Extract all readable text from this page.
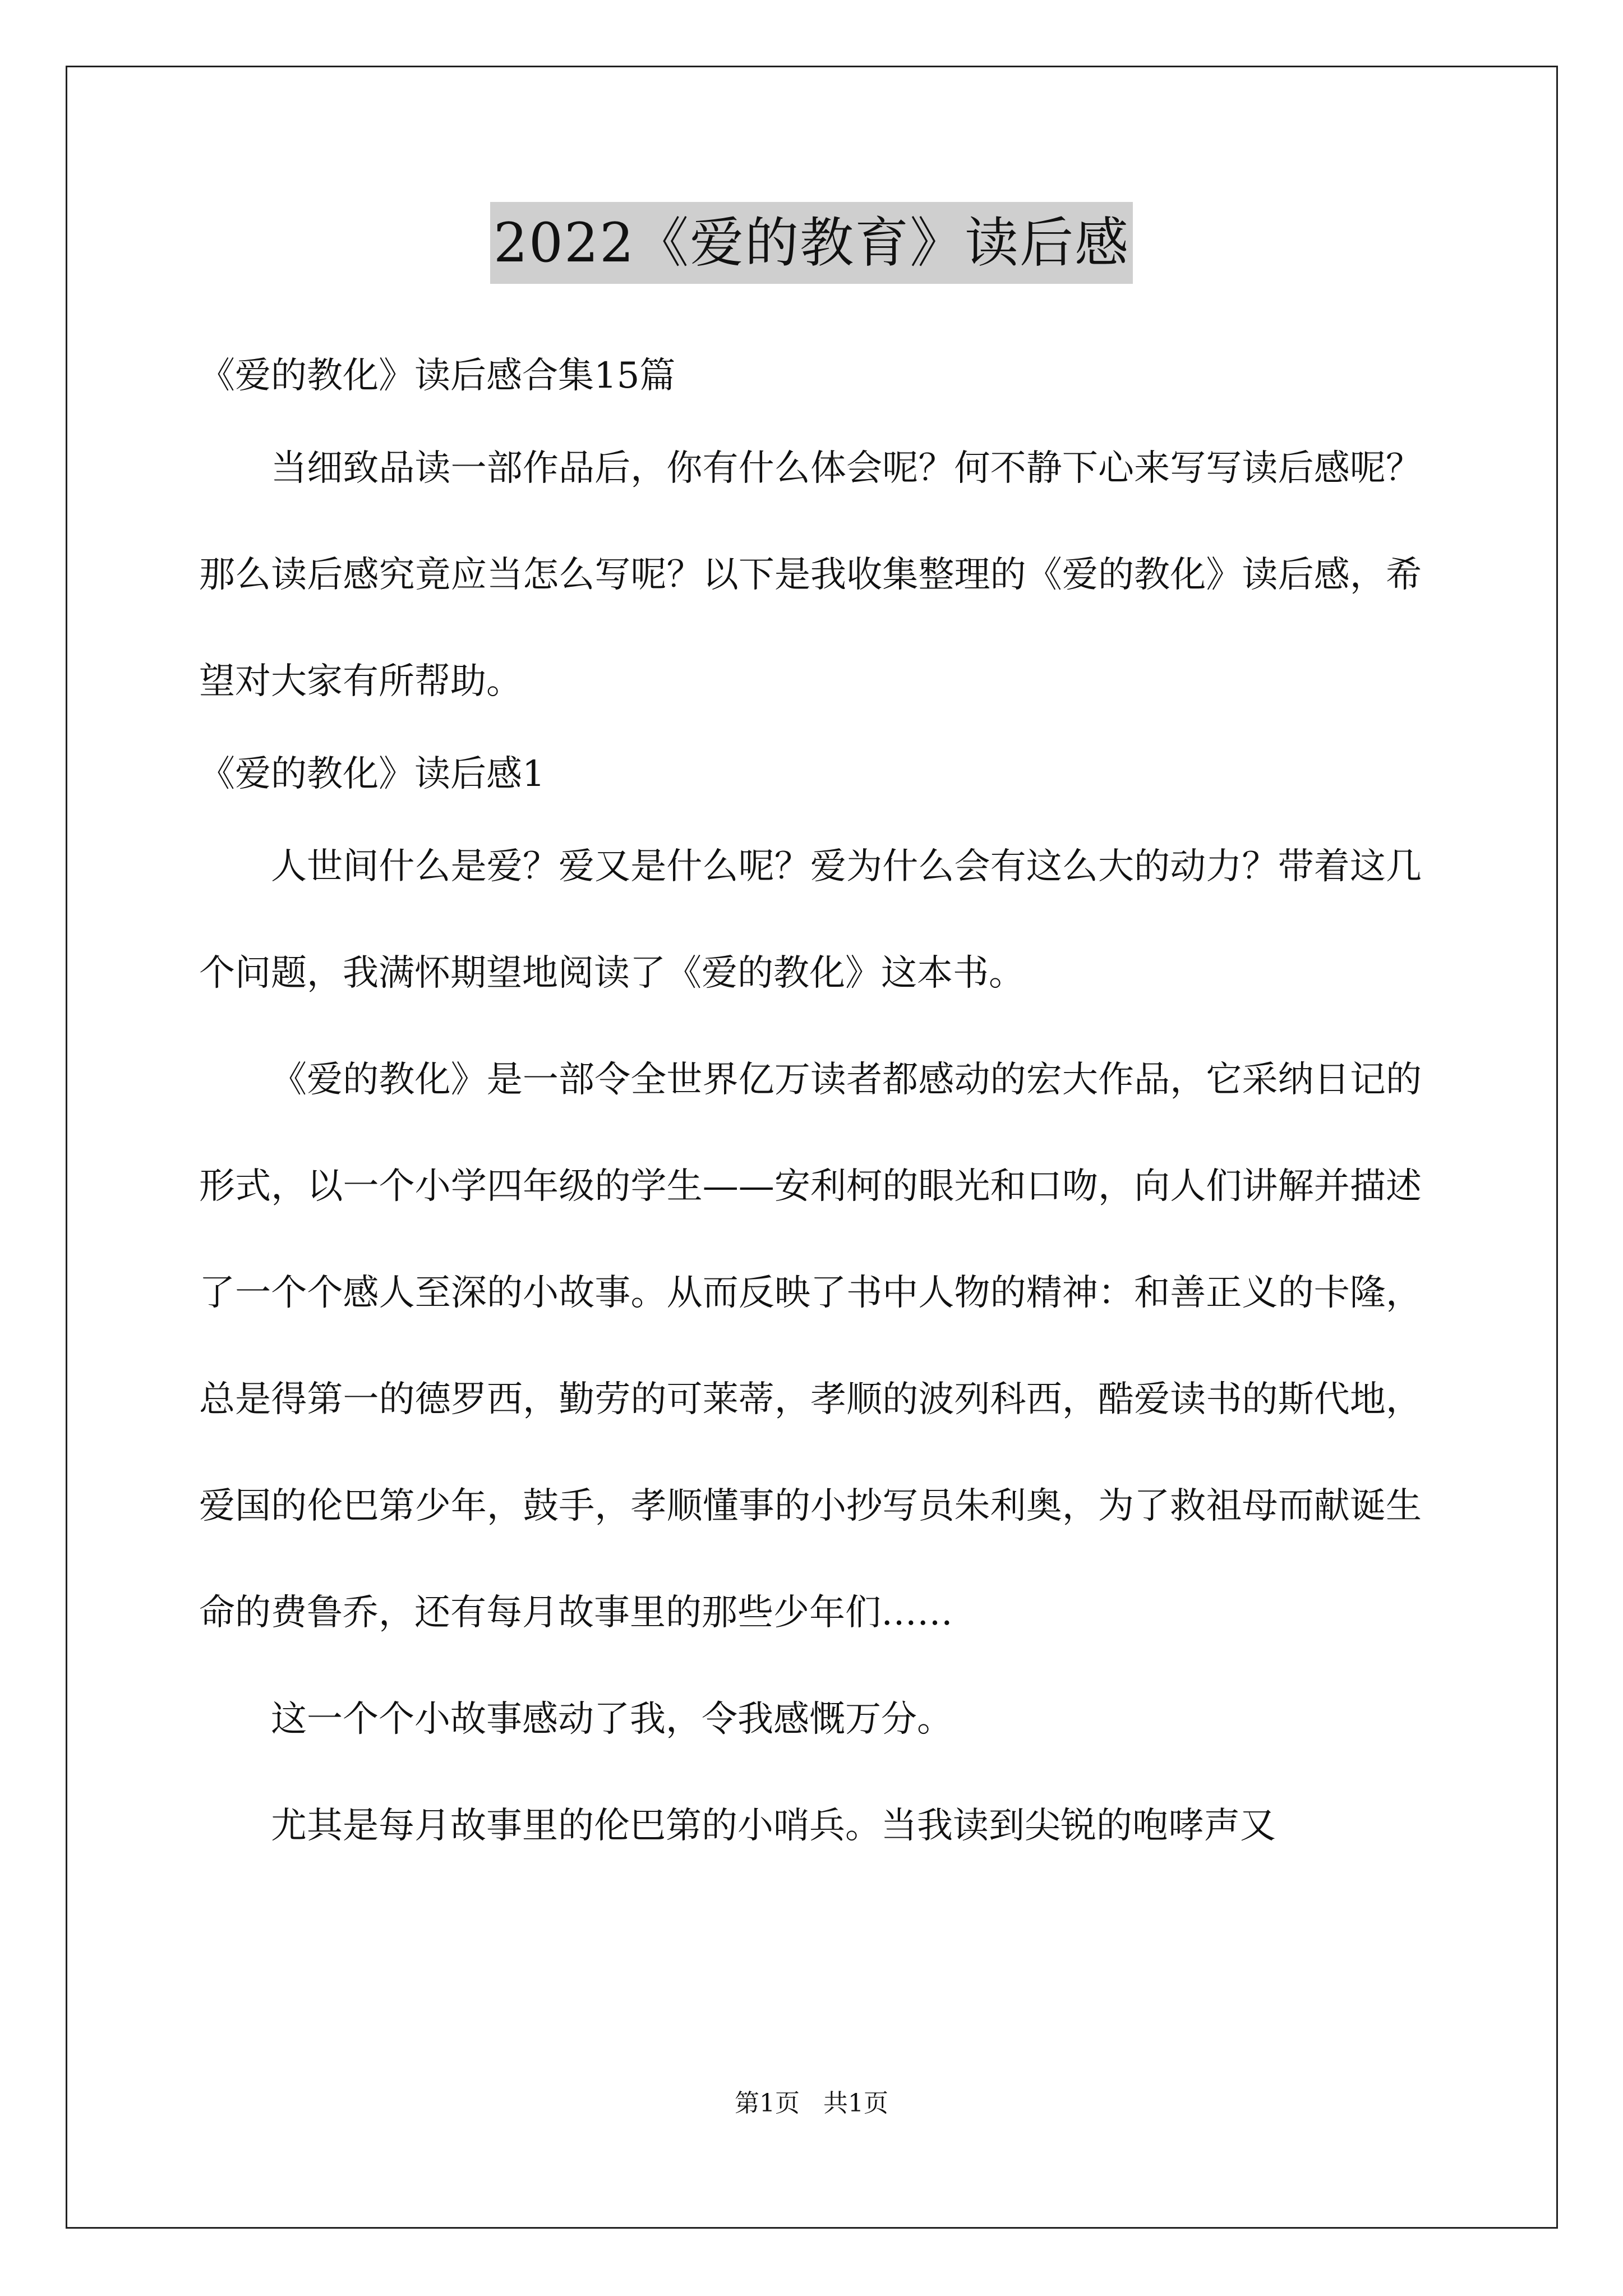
2022《爱的教育》读后感

《爱的教化》读后感合集15篇

当细致品读一部作品后，你有什么体会呢？何不静下心来写写读后感呢？那么读后感究竟应当怎么写呢？以下是我收集整理的《爱的教化》读后感，希望对大家有所帮助。

《爱的教化》读后感1

人世间什么是爱？爱又是什么呢？爱为什么会有这么大的动力？带着这几个问题，我满怀期望地阅读了《爱的教化》这本书。

《爱的教化》是一部令全世界亿万读者都感动的宏大作品，它采纳日记的形式，以一个小学四年级的学生——安利柯的眼光和口吻，向人们讲解并描述了一个个感人至深的小故事。从而反映了书中人物的精神：和善正义的卡隆，总是得第一的德罗西，勤劳的可莱蒂，孝顺的波列科西，酷爱读书的斯代地，爱国的伦巴第少年，鼓手，孝顺懂事的小抄写员朱利奥，为了救祖母而献诞生命的费鲁乔，还有每月故事里的那些少年们……

这一个个小故事感动了我，令我感慨万分。

尤其是每月故事里的伦巴第的小哨兵。当我读到尖锐的咆哮声又

第1页   共1页
